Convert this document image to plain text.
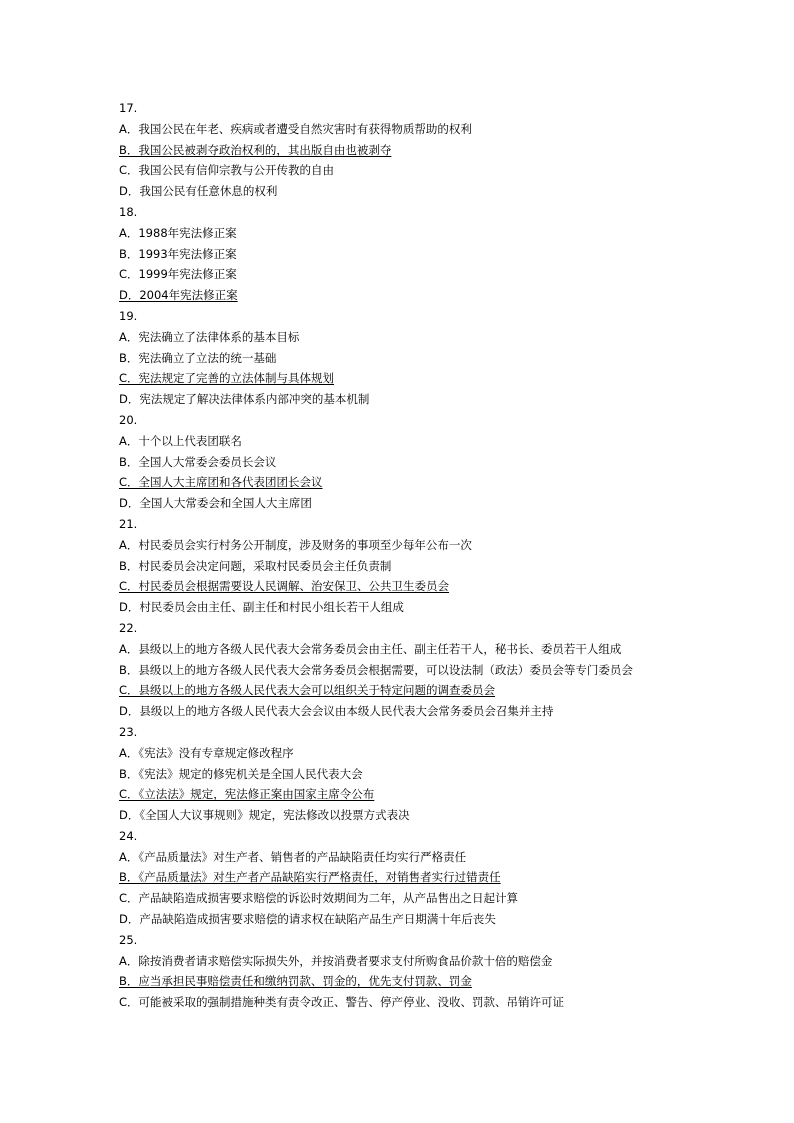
17.
A．我国公民在年老、疾病或者遭受自然灾害时有获得物质帮助的权利
B．我国公民被剥夺政治权利的，其出版自由也被剥夺
C．我国公民有信仰宗教与公开传教的自由
D．我国公民有任意休息的权利
18.
A．1988年宪法修正案
B．1993年宪法修正案
C．1999年宪法修正案
D．2004年宪法修正案
19.
A．宪法确立了法律体系的基本目标
B．宪法确立了立法的统一基础
C．宪法规定了完善的立法体制与具体规划
D．宪法规定了解决法律体系内部冲突的基本机制
20.
A．十个以上代表团联名
B．全国人大常委会委员长会议
C．全国人大主席团和各代表团团长会议
D．全国人大常委会和全国人大主席团
21.
A．村民委员会实行村务公开制度，涉及财务的事项至少每年公布一次
B．村民委员会决定问题，采取村民委员会主任负责制
C．村民委员会根据需要设人民调解、治安保卫、公共卫生委员会
D．村民委员会由主任、副主任和村民小组长若干人组成
22.
A．县级以上的地方各级人民代表大会常务委员会由主任、副主任若干人，秘书长、委员若干人组成
B．县级以上的地方各级人民代表大会常务委员会根据需要，可以设法制（政法）委员会等专门委员会
C．县级以上的地方各级人民代表大会可以组织关于特定问题的调查委员会
D．县级以上的地方各级人民代表大会会议由本级人民代表大会常务委员会召集并主持
23.
A．《宪法》没有专章规定修改程序
B．《宪法》规定的修宪机关是全国人民代表大会
C．《立法法》规定，宪法修正案由国家主席令公布
D．《全国人大议事规则》规定，宪法修改以投票方式表决
24.
A．《产品质量法》对生产者、销售者的产品缺陷责任均实行严格责任
B．《产品质量法》对生产者产品缺陷实行严格责任，对销售者实行过错责任
C．产品缺陷造成损害要求赔偿的诉讼时效期间为二年，从产品售出之日起计算
D．产品缺陷造成损害要求赔偿的请求权在缺陷产品生产日期满十年后丧失
25.
A．除按消费者请求赔偿实际损失外，并按消费者要求支付所购食品价款十倍的赔偿金
B．应当承担民事赔偿责任和缴纳罚款、罚金的，优先支付罚款、罚金
C．可能被采取的强制措施种类有责令改正、警告、停产停业、没收、罚款、吊销许可证
